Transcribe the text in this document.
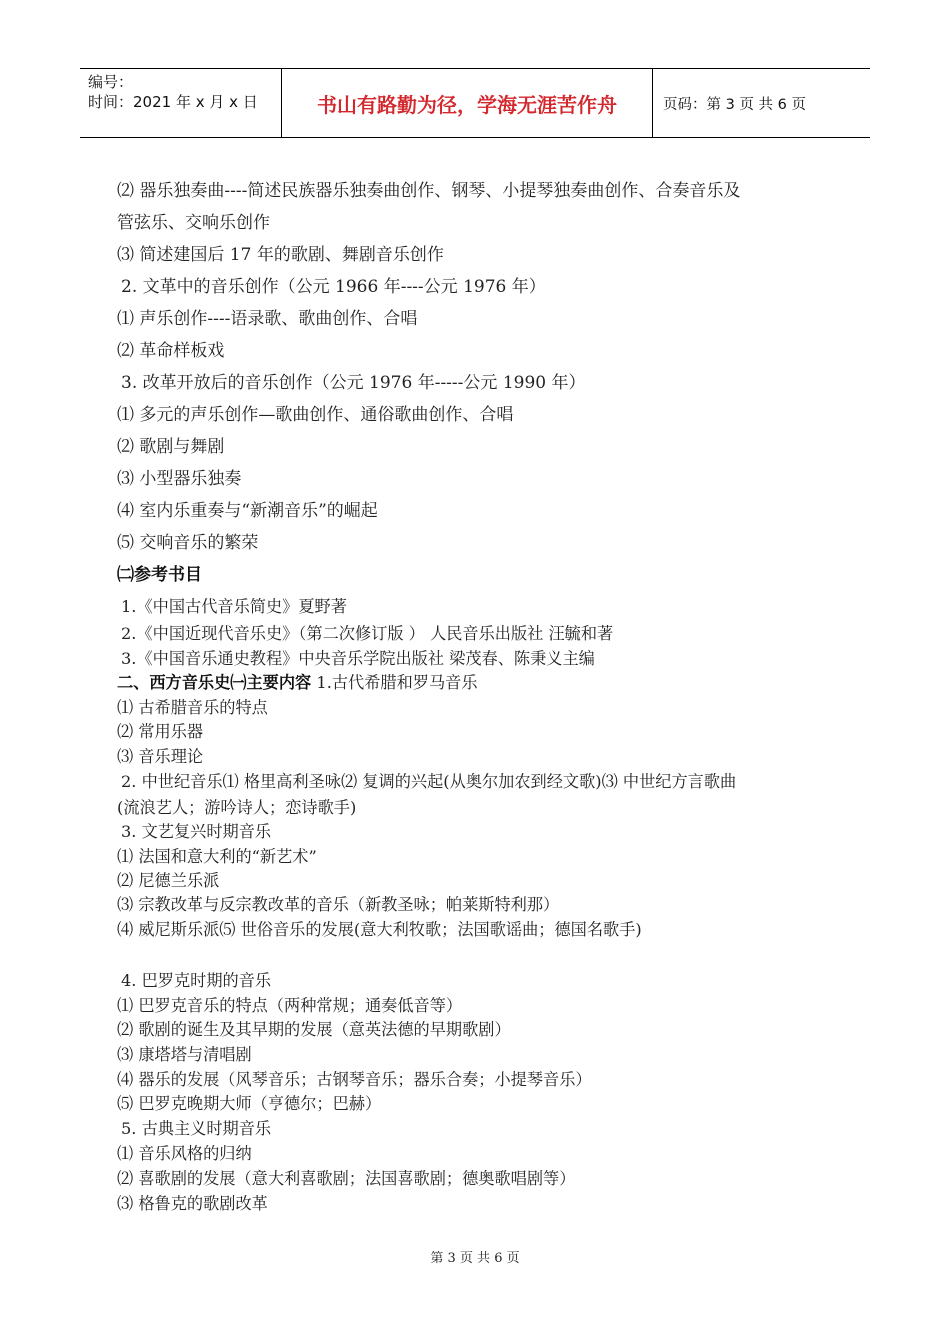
编号：
时间：2021 年 x 月 x 日	书山有路勤为径，学海无涯苦作舟	页码：第 3 页 共 6 页
⑵ 器乐独奏曲----简述民族器乐独奏曲创作、钢琴、小提琴独奏曲创作、合奏音乐及
管弦乐、交响乐创作
⑶ 简述建国后 17 年的歌剧、舞剧音乐创作
2. 文革中的音乐创作（公元 1966 年----公元 1976 年）
⑴ 声乐创作----语录歌、歌曲创作、合唱
⑵ 革命样板戏
3. 改革开放后的音乐创作（公元 1976 年-----公元 1990 年）
⑴ 多元的声乐创作—歌曲创作、通俗歌曲创作、合唱
⑵ 歌剧与舞剧
⑶ 小型器乐独奏
⑷ 室内乐重奏与“新潮音乐”的崛起
⑸ 交响音乐的繁荣
㈡参考书目
1.《中国古代音乐简史》夏野著
2.《中国近现代音乐史》（第二次修订版 ） 人民音乐出版社 汪毓和著
3.《中国音乐通史教程》中央音乐学院出版社 梁茂春、陈秉义主编
二、西方音乐史㈠主要内容 1.古代希腊和罗马音乐
⑴ 古希腊音乐的特点
⑵ 常用乐器
⑶ 音乐理论
2. 中世纪音乐⑴ 格里高利圣咏⑵ 复调的兴起(从奥尔加农到经文歌)⑶ 中世纪方言歌曲
(流浪艺人；游吟诗人；恋诗歌手)
3. 文艺复兴时期音乐
⑴ 法国和意大利的“新艺术”
⑵ 尼德兰乐派
⑶ 宗教改革与反宗教改革的音乐（新教圣咏；帕莱斯特利那）
⑷ 威尼斯乐派⑸ 世俗音乐的发展(意大利牧歌；法国歌谣曲；德国名歌手)
4. 巴罗克时期的音乐
⑴ 巴罗克音乐的特点（两种常规；通奏低音等）
⑵ 歌剧的诞生及其早期的发展（意英法德的早期歌剧）
⑶ 康塔塔与清唱剧
⑷ 器乐的发展（风琴音乐；古钢琴音乐；器乐合奏；小提琴音乐）
⑸ 巴罗克晚期大师（亨德尔；巴赫）
5. 古典主义时期音乐
⑴ 音乐风格的归纳
⑵ 喜歌剧的发展（意大利喜歌剧；法国喜歌剧；德奥歌唱剧等）
⑶ 格鲁克的歌剧改革
第 3 页 共 6 页
